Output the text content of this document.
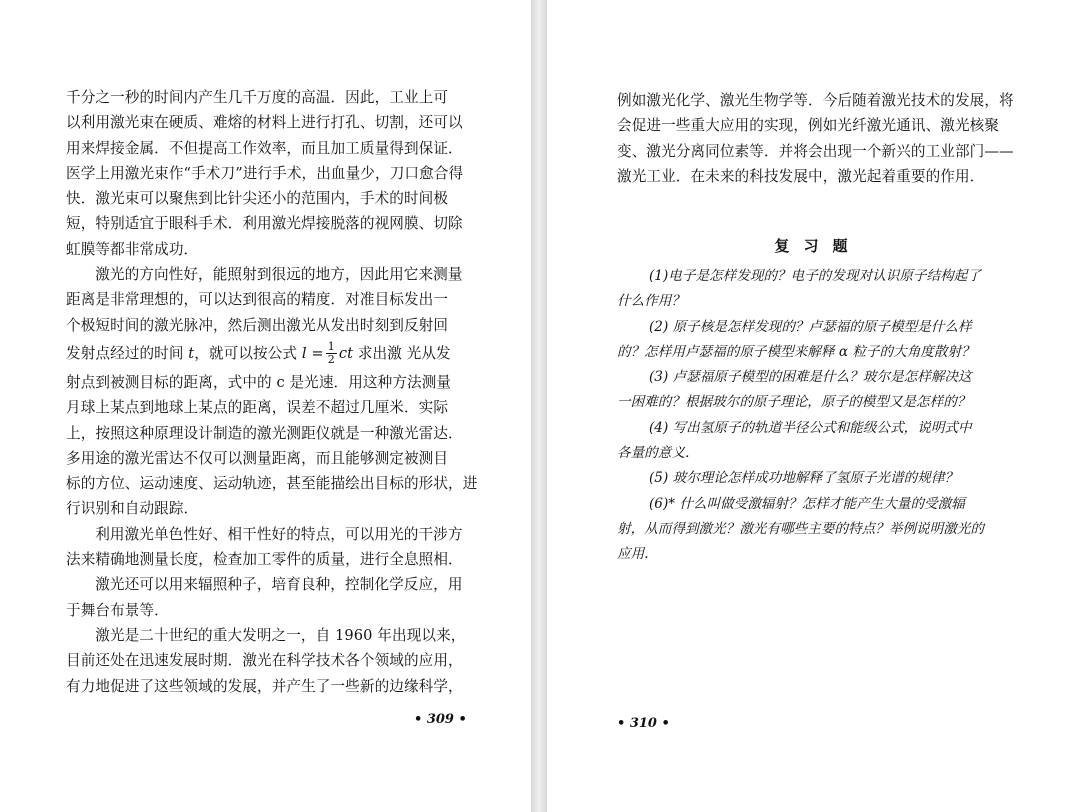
千分之一秒的时间内产生几千万度的高温．因此，工业上可
以利用激光束在硬质、难熔的材料上进行打孔、切割，还可以
用来焊接金属．不但提高工作效率，而且加工质量得到保证．
医学上用激光束作“手术刀”进行手术，出血量少，刀口愈合得
快．激光束可以聚焦到比针尖还小的范围内，手术的时间极
短，特别适宜于眼科手术．利用激光焊接脱落的视网膜、切除
虹膜等都非常成功．
激光的方向性好，能照射到很远的地方，因此用它来测量
距离是非常理想的，可以达到很高的精度．对准目标发出一
个极短时间的激光脉冲，然后测出激光从发出时刻到反射回
发射点经过的时间 t，就可以按公式 $l = \frac{1}{2}$ ct 求出激 光从发
射点到被测目标的距离，式中的 c 是光速．用这种方法测量
月球上某点到地球上某点的距离，误差不超过几厘米．实际
上，按照这种原理设计制造的激光测距仪就是一种激光雷达．
多用途的激光雷达不仅可以测量距离，而且能够测定被测目
标的方位、运动速度、运动轨迹，甚至能描绘出目标的形状，进
行识别和自动跟踪．
利用激光单色性好、相干性好的特点，可以用光的干涉方
法来精确地测量长度，检查加工零件的质量，进行全息照相．
激光还可以用来辐照种子，培育良种，控制化学反应，用
于舞台布景等．
激光是二十世纪的重大发明之一，自 1960 年出现以来，
目前还处在迅速发展时期．激光在科学技术各个领域的应用，
有力地促进了这些领域的发展，并产生了一些新的边缘科学，
• 309 •
例如激光化学、激光生物学等．今后随着激光技术的发展，将
会促进一些重大应用的实现，例如光纤激光通讯、激光核聚
变、激光分离同位素等．并将会出现一个新兴的工业部门——
激光工业．在未来的科技发展中，激光起着重要的作用．
复习题
(1)电子是怎样发现的？电子的发现对认识原子结构起了
什么作用？
(2) 原子核是怎样发现的？卢瑟福的原子模型是什么样
的？怎样用卢瑟福的原子模型来解释 α 粒子的大角度散射？
(3) 卢瑟福原子模型的困难是什么？玻尔是怎样解决这
一困难的？根据玻尔的原子理论，原子的模型又是怎样的？
(4) 写出氢原子的轨道半径公式和能级公式，说明式中
各量的意义．
(5) 玻尔理论怎样成功地解释了氢原子光谱的规律？
(6)* 什么叫做受激辐射？怎样才能产生大量的受激辐
射，从而得到激光？激光有哪些主要的特点？举例说明激光的
应用．
• 310 •
